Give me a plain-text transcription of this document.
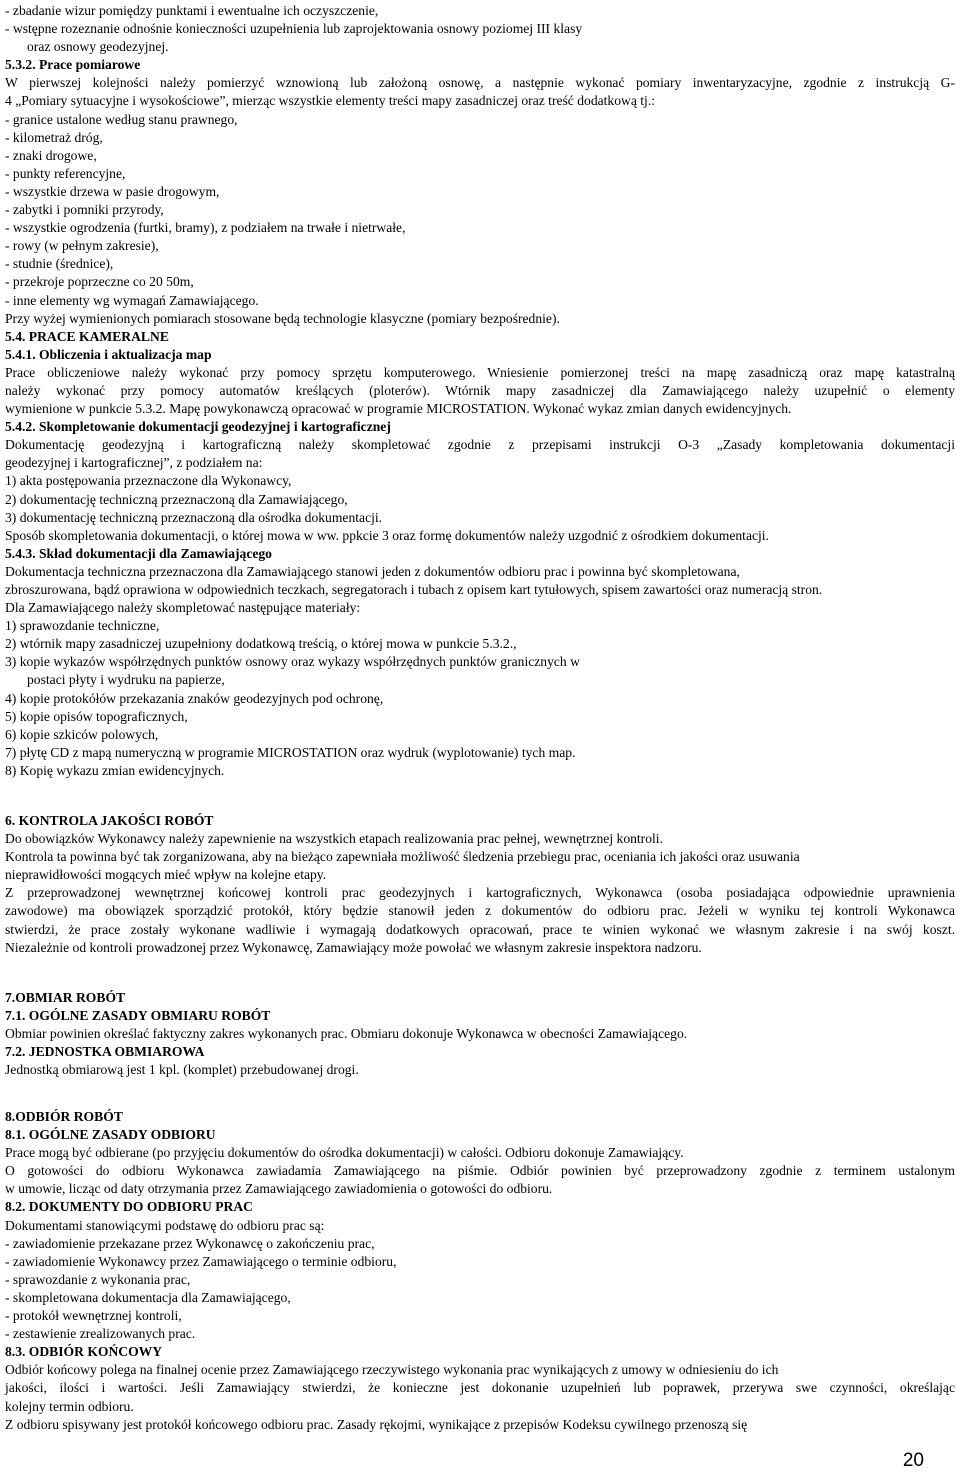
- zbadanie wizur pomiędzy punktami i ewentualne ich oczyszczenie,
- wstępne rozeznanie odnośnie konieczności uzupełnienia lub zaprojektowania osnowy poziomej III klasy
oraz osnowy geodezyjnej.
5.3.2. Prace pomiarowe
W pierwszej kolejności należy pomierzyć wznowioną lub założoną osnowę, a następnie wykonać pomiary inwentaryzacyjne, zgodnie z instrukcją G-
4 „Pomiary sytuacyjne i wysokościowe”, mierząc wszystkie elementy treści mapy zasadniczej oraz treść dodatkową tj.:
- granice ustalone według stanu prawnego,
- kilometraż dróg,
- znaki drogowe,
- punkty referencyjne,
- wszystkie drzewa w pasie drogowym,
- zabytki i pomniki przyrody,
- wszystkie ogrodzenia (furtki, bramy), z podziałem na trwałe i nietrwałe,
- rowy (w pełnym zakresie),
- studnie (średnice),
- przekroje poprzeczne co 20 50m,
- inne elementy wg wymagań Zamawiającego.
Przy wyżej wymienionych pomiarach stosowane będą technologie klasyczne (pomiary bezpośrednie).
5.4. PRACE KAMERALNE
5.4.1. Obliczenia i aktualizacja map
Prace obliczeniowe należy wykonać przy pomocy sprzętu komputerowego. Wniesienie pomierzonej treści na mapę zasadniczą oraz mapę katastralną
należy wykonać przy pomocy automatów kreślących (ploterów). Wtórnik mapy zasadniczej dla Zamawiającego należy uzupełnić o elementy
wymienione w punkcie 5.3.2. Mapę powykonawczą opracować w programie MICROSTATION. Wykonać wykaz zmian danych ewidencyjnych.
5.4.2. Skompletowanie dokumentacji geodezyjnej i kartograficznej
Dokumentację geodezyjną i kartograficzną należy skompletować zgodnie z przepisami instrukcji O-3 „Zasady kompletowania dokumentacji
geodezyjnej i kartograficznej”, z podziałem na:
1) akta postępowania przeznaczone dla Wykonawcy,
2) dokumentację techniczną przeznaczoną dla Zamawiającego,
3) dokumentację techniczną przeznaczoną dla ośrodka dokumentacji.
Sposób skompletowania dokumentacji, o której mowa w ww. ppkcie 3 oraz formę dokumentów należy uzgodnić z ośrodkiem dokumentacji.
5.4.3. Skład dokumentacji dla Zamawiającego
Dokumentacja techniczna przeznaczona dla Zamawiającego stanowi jeden z dokumentów odbioru prac i powinna być skompletowana,
zbroszurowana, bądź oprawiona w odpowiednich teczkach, segregatorach i tubach z opisem kart tytułowych, spisem zawartości oraz numeracją stron.
Dla Zamawiającego należy skompletować następujące materiały:
1) sprawozdanie techniczne,
2) wtórnik mapy zasadniczej uzupełniony dodatkową treścią, o której mowa w punkcie 5.3.2.,
3) kopie wykazów współrzędnych punktów osnowy oraz wykazy współrzędnych punktów granicznych w
postaci płyty i wydruku na papierze,
4) kopie protokółów przekazania znaków geodezyjnych pod ochronę,
5) kopie opisów topograficznych,
6) kopie szkiców polowych,
7) płytę CD z mapą numeryczną w programie MICROSTATION oraz wydruk (wyplotowanie) tych map.
8) Kopię wykazu zmian ewidencyjnych.
6. KONTROLA JAKOŚCI ROBÓT
Do obowiązków Wykonawcy należy zapewnienie na wszystkich etapach realizowania prac pełnej, wewnętrznej kontroli.
Kontrola ta powinna być tak zorganizowana, aby na bieżąco zapewniała możliwość śledzenia przebiegu prac, oceniania ich jakości oraz usuwania
nieprawidłowości mogących mieć wpływ na kolejne etapy.
Z przeprowadzonej wewnętrznej końcowej kontroli prac geodezyjnych i kartograficznych, Wykonawca (osoba posiadająca odpowiednie uprawnienia
zawodowe) ma obowiązek sporządzić protokół, który będzie stanowił jeden z dokumentów do odbioru prac. Jeżeli w wyniku tej kontroli Wykonawca
stwierdzi, że prace zostały wykonane wadliwie i wymagają dodatkowych opracowań, prace te winien wykonać we własnym zakresie i na swój koszt.
Niezależnie od kontroli prowadzonej przez Wykonawcę, Zamawiający może powołać we własnym zakresie inspektora nadzoru.
7.OBMIAR ROBÓT
7.1. OGÓLNE ZASADY OBMIARU ROBÓT
Obmiar powinien określać faktyczny zakres wykonanych prac. Obmiaru dokonuje Wykonawca w obecności Zamawiającego.
7.2. JEDNOSTKA OBMIAROWA
Jednostką obmiarową jest 1 kpl. (komplet) przebudowanej drogi.
8.ODBIÓR ROBÓT
8.1. OGÓLNE ZASADY ODBIORU
Prace mogą być odbierane (po przyjęciu dokumentów do ośrodka dokumentacji) w całości. Odbioru dokonuje Zamawiający.
O gotowości do odbioru Wykonawca zawiadamia Zamawiającego na piśmie. Odbiór powinien być przeprowadzony zgodnie z terminem ustalonym
w umowie, licząc od daty otrzymania przez Zamawiającego zawiadomienia o gotowości do odbioru.
8.2. DOKUMENTY DO ODBIORU PRAC
Dokumentami stanowiącymi podstawę do odbioru prac są:
- zawiadomienie przekazane przez Wykonawcę o zakończeniu prac,
- zawiadomienie Wykonawcy przez Zamawiającego o terminie odbioru,
- sprawozdanie z wykonania prac,
- skompletowana dokumentacja dla Zamawiającego,
- protokół wewnętrznej kontroli,
- zestawienie zrealizowanych prac.
8.3. ODBIÓR KOŃCOWY
Odbiór końcowy polega na finalnej ocenie przez Zamawiającego rzeczywistego wykonania prac wynikających z umowy w odniesieniu do ich
jakości, ilości i wartości. Jeśli Zamawiający stwierdzi, że konieczne jest dokonanie uzupełnień lub poprawek, przerywa swe czynności, określając
kolejny termin odbioru.
Z odbioru spisywany jest protokół końcowego odbioru prac. Zasady rękojmi, wynikające z przepisów Kodeksu cywilnego przenoszą się
20
